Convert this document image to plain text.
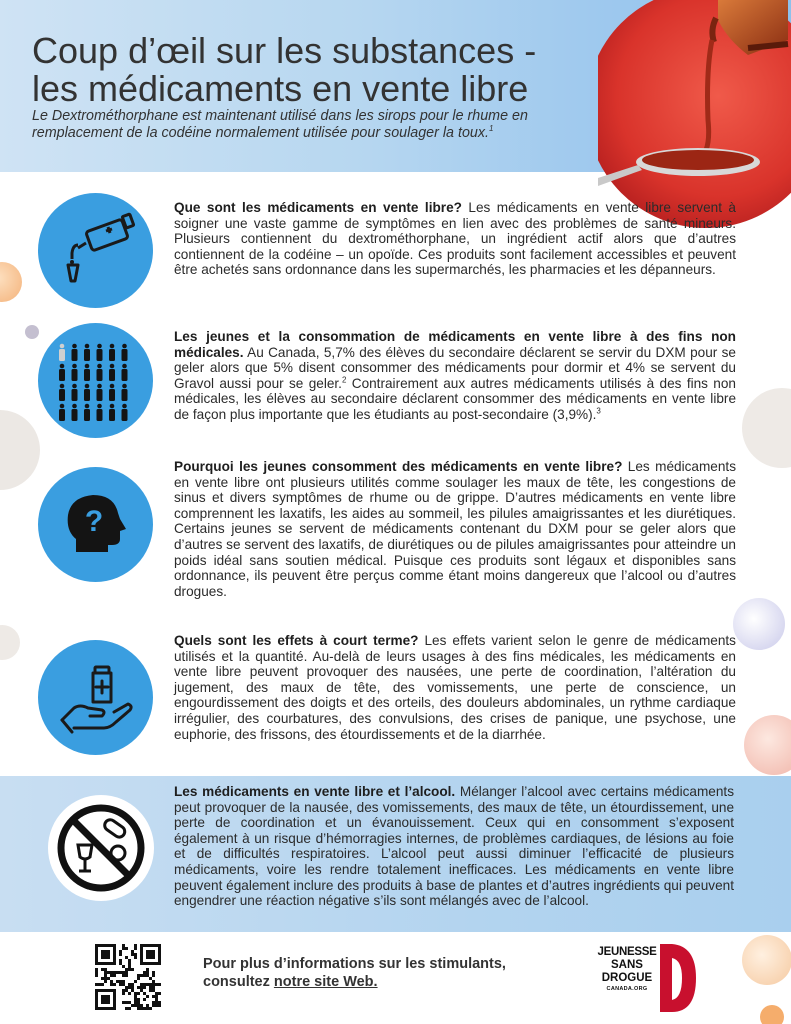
Coup d’œil sur les substances -
les médicaments en vente libre

Le Dextrométhorphane est maintenant utilisé dans les sirops pour le rhume en remplacement de la codéine normalement utilisée pour soulager la toux.$^1$

Que sont les médicaments en vente libre? Les médicaments en vente libre servent à soigner une vaste gamme de symptômes en lien avec des problèmes de santé mineurs. Plusieurs contiennent du dextrométhorphane, un ingrédient actif alors que d’autres contiennent de la codéine – un opoïde. Ces produits sont facilement accessibles et peuvent être achetés sans ordonnance dans les supermarchés, les pharmacies et les dépanneurs.

Les jeunes et la consommation de médicaments en vente libre à des fins non médicales. Au Canada, 5,7% des élèves du secondaire déclarent se servir du DXM pour se geler alors que 5% disent consommer des médicaments pour dormir et 4% se servent du Gravol aussi pour se geler.$^2$ Contrairement aux autres médicaments utilisés à des fins non médicales, les élèves au secondaire déclarent consommer des médicaments en vente libre de façon plus importante que les étudiants au post-secondaire (3,9%).$^3$

?

Pourquoi les jeunes consomment des médicaments en vente libre? Les médicaments en vente libre ont plusieurs utilités comme soulager les maux de tête, les congestions de sinus et divers symptômes de rhume ou de grippe. D’autres médicaments en vente libre comprennent les laxatifs, les aides au sommeil, les pilules amaigrissantes et les diurétiques. Certains jeunes se servent de médicaments contenant du DXM pour se geler alors que d’autres se servent des laxatifs, de diurétiques ou de pilules amaigrissantes pour atteindre un poids idéal sans soutien médical. Puisque ces produits sont légaux et disponibles sans ordonnance, ils peuvent être perçus comme étant moins dangereux que l’alcool ou d’autres drogues.

Quels sont les effets à court terme? Les effets varient selon le genre de médicaments utilisés et la quantité. Au-delà de leurs usages à des fins médicales, les médicaments en vente libre peuvent provoquer des nausées, une perte de coordination, l’altération du jugement, des maux de tête, des vomissements, une perte de conscience, un engourdissement des doigts et des orteils, des douleurs abdominales, un rythme cardiaque irrégulier, des courbatures, des convulsions, des crises de panique, une psychose, une euphorie, des frissons, des étourdissements et de la diarrhée.

Les médicaments en vente libre et l’alcool. Mélanger l’alcool avec certains médicaments peut provoquer de la nausée, des vomissements, des maux de tête, un étourdissement, une perte de coordination et un évanouissement. Ceux qui en consomment s’exposent également à un risque d’hémorragies internes, de problèmes cardiaques, de lésions au foie et de difficultés respiratoires. L’alcool peut aussi diminuer l’efficacité de plusieurs médicaments, voire les rendre totalement inefficaces. Les médicaments en vente libre peuvent également inclure des produits à base de plantes et d’autres ingrédients qui peuvent engendrer une réaction négative s’ils sont mélangés avec de l’alcool.

Pour plus d’informations sur les stimulants,
consultez notre site Web.

JEUNESSE
SANS
DROGUE
CANADA.ORG
